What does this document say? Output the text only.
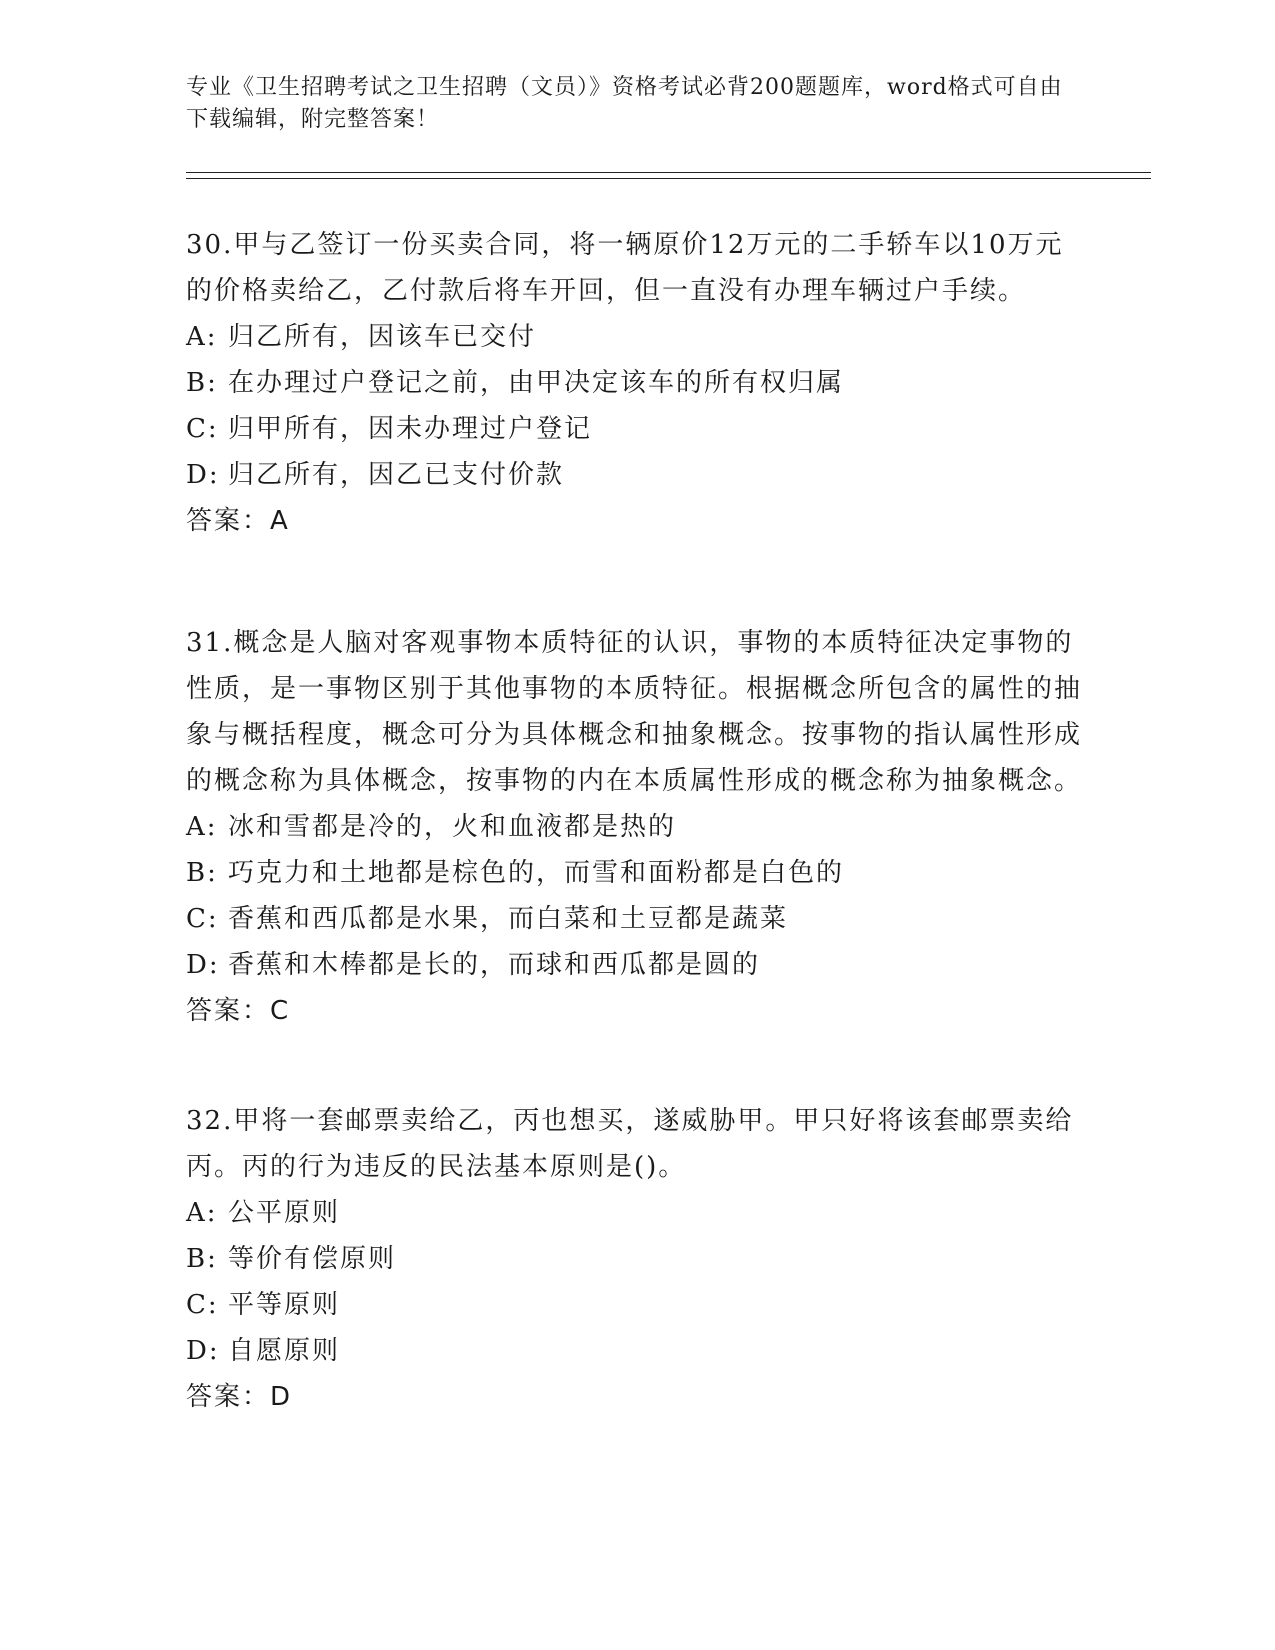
专业《卫生招聘考试之卫生招聘（文员）》资格考试必背200题题库，word格式可自由下载编辑，附完整答案！

30.甲与乙签订一份买卖合同，将一辆原价12万元的二手轿车以10万元的价格卖给乙，乙付款后将车开回，但一直没有办理车辆过户手续。

A: 归乙所有，因该车已交付

B: 在办理过户登记之前，由甲决定该车的所有权归属

C: 归甲所有，因未办理过户登记

D: 归乙所有，因乙已支付价款

答案：A

31.概念是人脑对客观事物本质特征的认识，事物的本质特征决定事物的性质，是一事物区别于其他事物的本质特征。根据概念所包含的属性的抽象与概括程度，概念可分为具体概念和抽象概念。按事物的指认属性形成的概念称为具体概念，按事物的内在本质属性形成的概念称为抽象概念。

A: 冰和雪都是冷的，火和血液都是热的

B: 巧克力和土地都是棕色的，而雪和面粉都是白色的

C: 香蕉和西瓜都是水果，而白菜和土豆都是蔬菜

D: 香蕉和木棒都是长的，而球和西瓜都是圆的

答案：C

32.甲将一套邮票卖给乙，丙也想买，遂威胁甲。甲只好将该套邮票卖给丙。丙的行为违反的民法基本原则是()。

A: 公平原则

B: 等价有偿原则

C: 平等原则

D: 自愿原则

答案：D
